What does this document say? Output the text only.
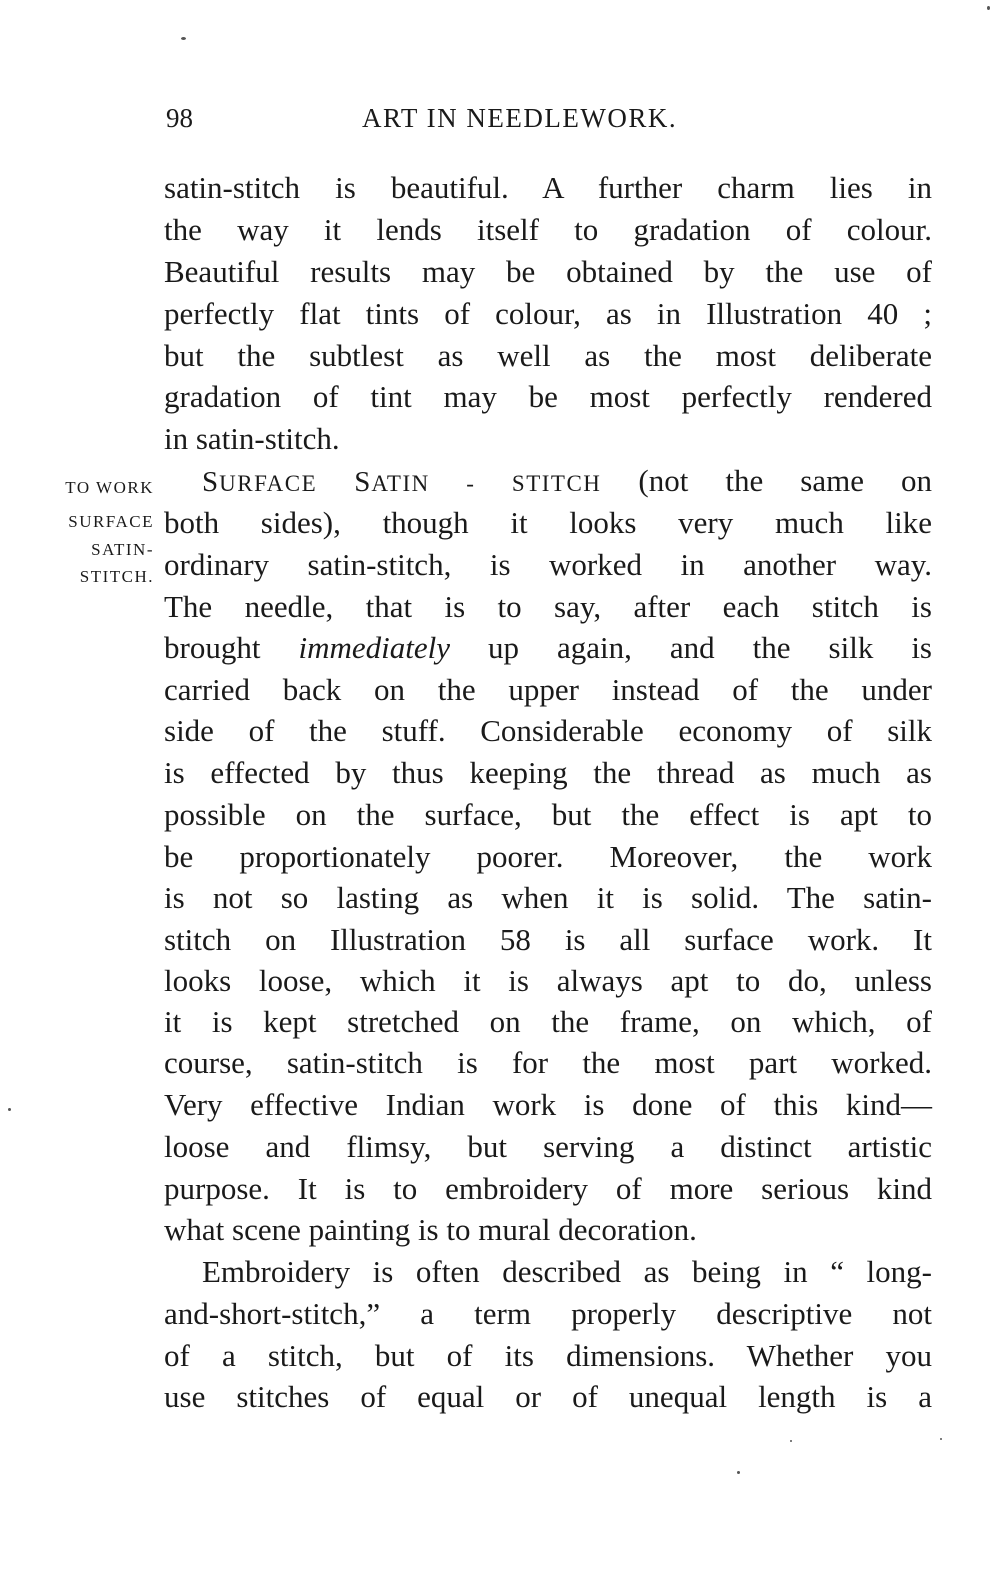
98	ART IN NEEDLEWORK.
TO WORK
SURFACE
SATIN-
STITCH.
satin-stitch is beautiful. A further charm lies in
the way it lends itself to gradation of colour.
Beautiful results may be obtained by the use of
perfectly flat tints of colour, as in Illustration 40 ;
but the subtlest as well as the most deliberate
gradation of tint may be most perfectly rendered
in satin-stitch.
SURFACE SATIN - STITCH (not the same on
both sides), though it looks very much like
ordinary satin-stitch, is worked in another way.
The needle, that is to say, after each stitch is
brought immediately up again, and the silk is
carried back on the upper instead of the under
side of the stuff. Considerable economy of silk
is effected by thus keeping the thread as much as
possible on the surface, but the effect is apt to
be proportionately poorer. Moreover, the work
is not so lasting as when it is solid. The satin-
stitch on Illustration 58 is all surface work. It
looks loose, which it is always apt to do, unless
it is kept stretched on the frame, on which, of
course, satin-stitch is for the most part worked.
Very effective Indian work is done of this kind—
loose and flimsy, but serving a distinct artistic
purpose. It is to embroidery of more serious kind
what scene painting is to mural decoration.
Embroidery is often described as being in “ long-
and-short-stitch,” a term properly descriptive not
of a stitch, but of its dimensions. Whether you
use stitches of equal or of unequal length is a
